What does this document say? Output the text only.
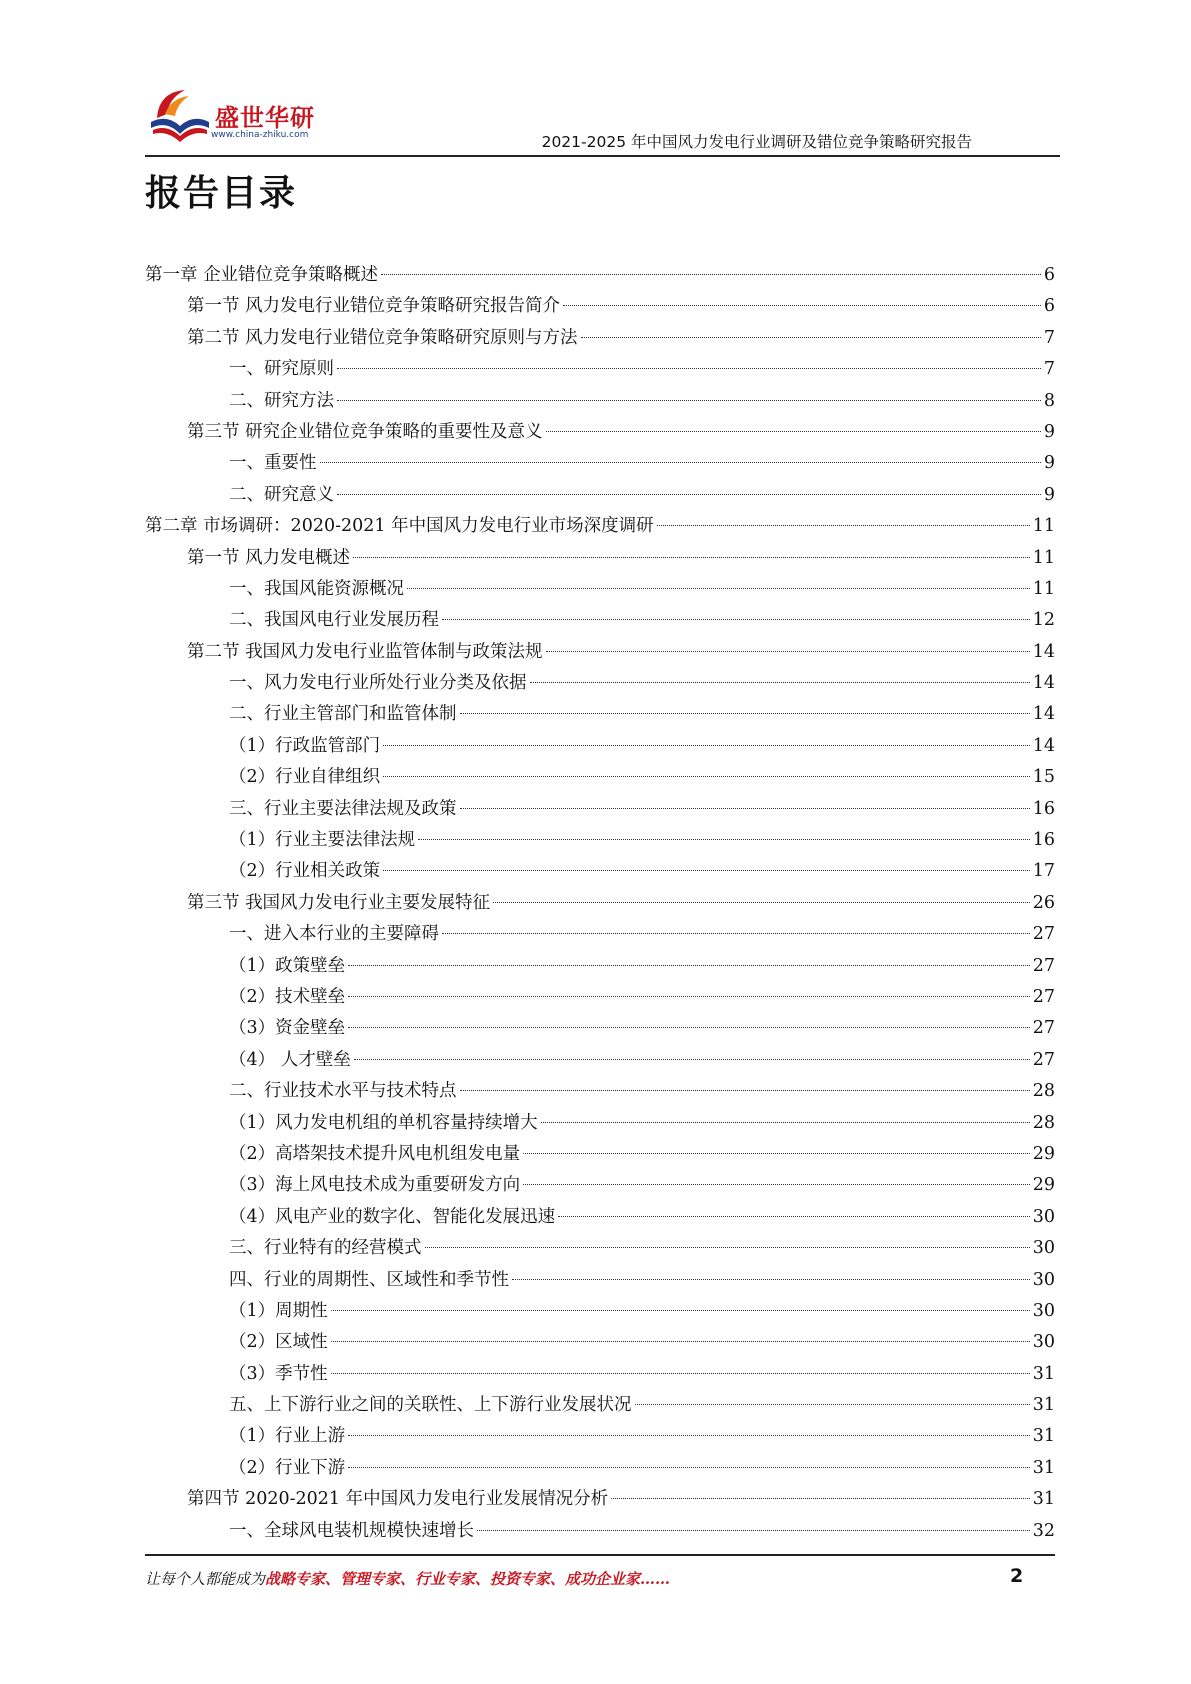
盛世华研
www.china-zhiku.com	2021-2025 年中国风力发电行业调研及错位竞争策略研究报告
报告目录
第一章 企业错位竞争策略概述	6
第一节 风力发电行业错位竞争策略研究报告简介	6
第二节 风力发电行业错位竞争策略研究原则与方法	7
一、研究原则	7
二、研究方法	8
第三节 研究企业错位竞争策略的重要性及意义	9
一、重要性	9
二、研究意义	9
第二章 市场调研：2020-2021 年中国风力发电行业市场深度调研	11
第一节 风力发电概述	11
一、我国风能资源概况	11
二、我国风电行业发展历程	12
第二节 我国风力发电行业监管体制与政策法规	14
一、风力发电行业所处行业分类及依据	14
二、行业主管部门和监管体制	14
（1）行政监管部门	14
（2）行业自律组织	15
三、行业主要法律法规及政策	16
（1）行业主要法律法规	16
（2）行业相关政策	17
第三节 我国风力发电行业主要发展特征	26
一、进入本行业的主要障碍	27
（1）政策壁垒	27
（2）技术壁垒	27
（3）资金壁垒	27
（4） 人才壁垒	27
二、行业技术水平与技术特点	28
（1）风力发电机组的单机容量持续增大	28
（2）高塔架技术提升风电机组发电量	29
（3）海上风电技术成为重要研发方向	29
（4）风电产业的数字化、智能化发展迅速	30
三、行业特有的经营模式	30
四、行业的周期性、区域性和季节性	30
（1）周期性	30
（2）区域性	30
（3）季节性	31
五、上下游行业之间的关联性、上下游行业发展状况	31
（1）行业上游	31
（2）行业下游	31
第四节 2020-2021 年中国风力发电行业发展情况分析	31
一、全球风电装机规模快速增长	32
让每个人都能成为战略专家、管理专家、行业专家、投资专家、成功企业家……	2
